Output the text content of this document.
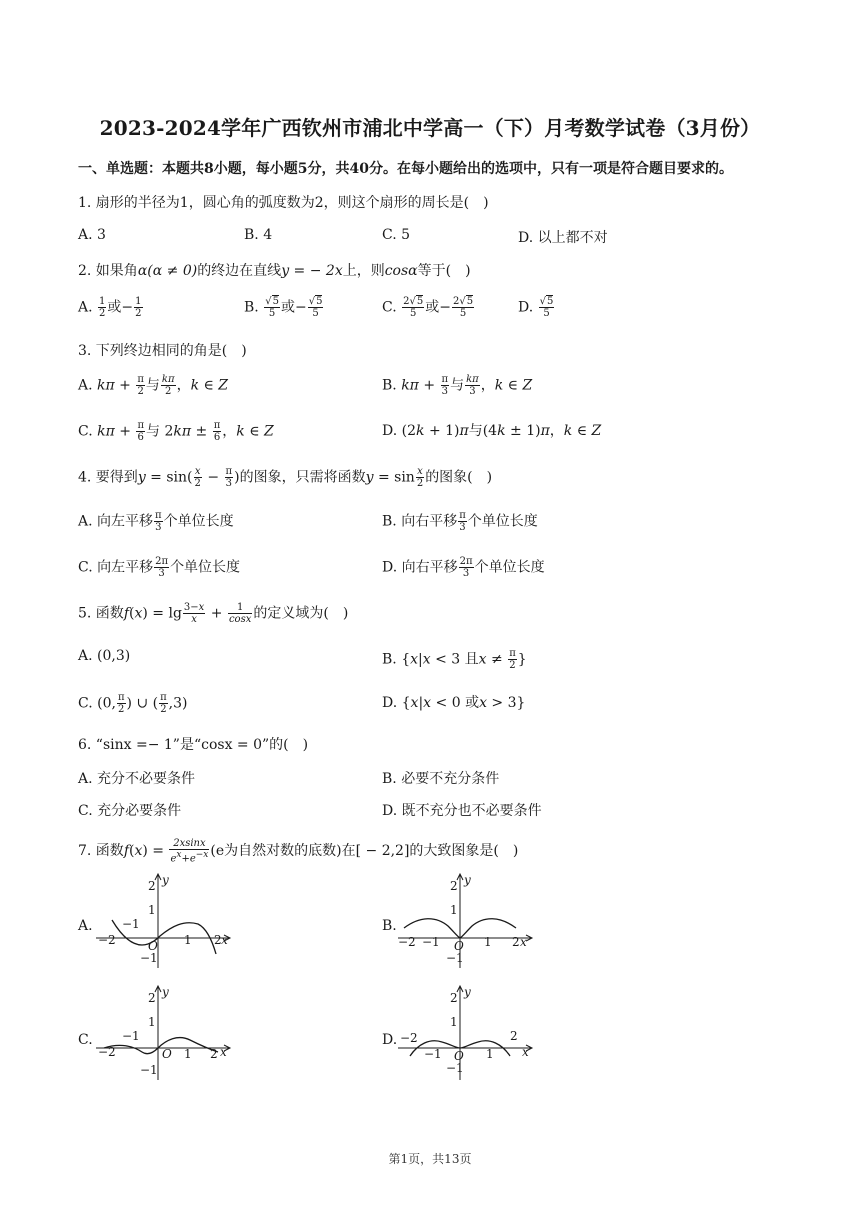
2023-2024学年广西钦州市浦北中学高一（下）月考数学试卷（3月份）
一、单选题：本题共8小题，每小题5分，共40分。在每小题给出的选项中，只有一项是符合题目要求的。
1. 扇形的半径为1，圆心角的弧度数为2，则这个扇形的周长是(　)
A. 3	B. 4	C. 5	D. 以上都不对
2. 如果角α(α ≠ 0)的终边在直线y = − 2x上，则cosα等于(　)
A. $\frac{1}{2}$ 或− $\frac{1}{2}$	B. $\frac{√5}{5}$ 或− $\frac{√5}{5}$	C. $\frac{2√5}{5}$ 或− $\frac{2√5}{5}$	D. $\frac{√5}{5}$
3. 下列终边相同的角是(　)
A. $k\pi + \frac{\pi}{2}$ 与 $\frac{k\pi}{2}$ ，k ∈ Z	B. $k\pi + \frac{\pi}{3}$ 与 $\frac{k\pi}{3}$ ，k ∈ Z
C. $k\pi + \frac{\pi}{6}$ 与 $2k\pi \pm \frac{\pi}{6}$ ，k ∈ Z	D. (2k + 1)π与(4k ± 1)π，k ∈ Z
4. 要得到$y = \sin( \frac{x}{2} - \frac{\pi}{3}$ )的图象，只需将函数$y = \sin \frac{x}{2}$ 的图象(　)
A. 向左平移 $\frac{\pi}{3}$ 个单位长度	B. 向右平移 $\frac{\pi}{3}$ 个单位长度
C. 向左平移 $\frac{2\pi}{3}$ 个单位长度	D. 向右平移 $\frac{2\pi}{3}$ 个单位长度
5. 函数$f(x) = \lg \frac{3-x}{x} + \frac{1}{\cos x}$ 的定义域为(　)
A. (0,3)	B. {x|x < 3 且$x \ne \frac{\pi}{2}$ }
C. (0, $\frac{\pi}{2}$ ) ∪ ( $\frac{\pi}{2} ,3$)	D. {x|x < 0 或x > 3}
6. “sinx =− 1”是“cosx = 0”的(　)
A. 充分不必要条件	B. 必要不充分条件
C. 充分必要条件	D. 既不充分也不必要条件
7. 函数$f(x) = \frac{2xsinx}{e^x+e^{-x}} (e$为自然对数的底数)在[ − 2,2]的大致图象是(　)
A.	B.
C.	D.
2 y
1
−1
−2	O 1 2 x
−1
2 y
1
−2 −1 O 1 2 x
−1
2 y
1
−1
−2	O 1 2 x
−1
2 y
1
−2
−1 O 1
2
x
−1
第1页，共13页
